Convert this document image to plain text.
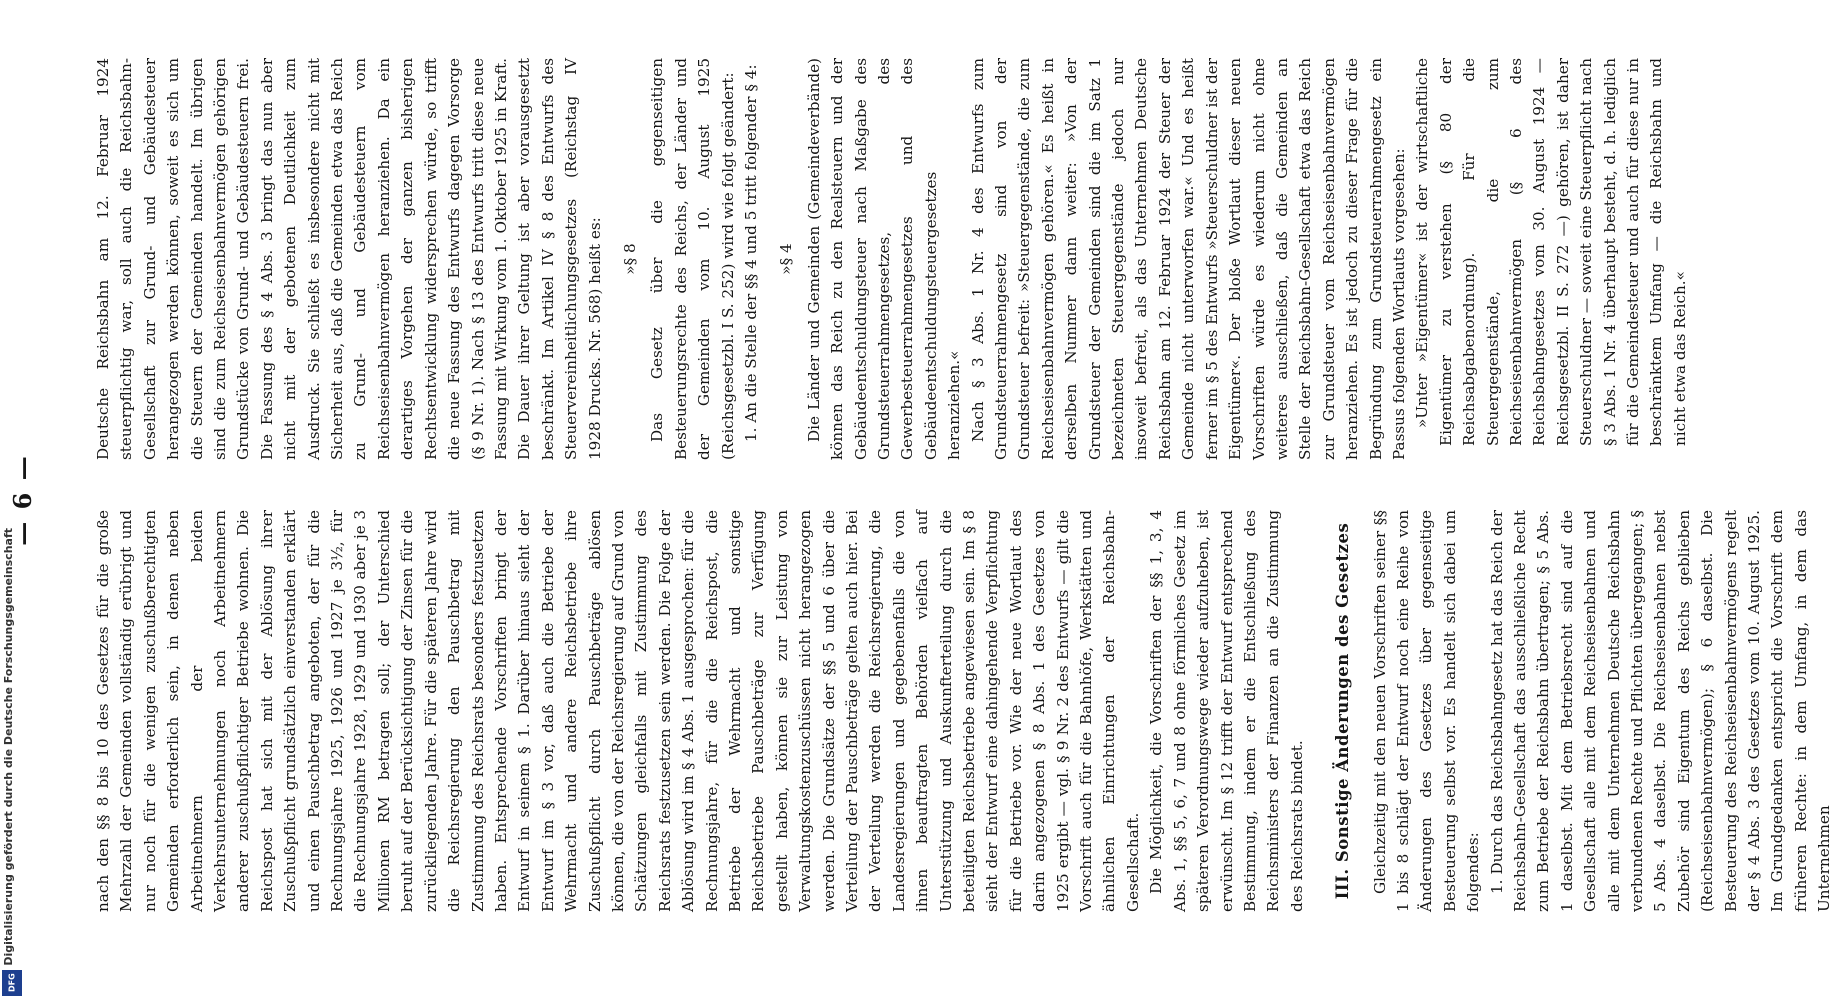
— 6 —

nach den §§ 8 bis 10 des Gesetzes für die große Mehrzahl der Gemeinden vollständig erübrigt und nur noch für die wenigen zuschußberechtigten Gemeinden erforderlich sein, in denen neben Arbeitnehmern der beiden Verkehrsunternehmungen noch Arbeitnehmern anderer zuschußpflichtiger Betriebe wohnen. Die Reichspost hat sich mit der Ablösung ihrer Zuschußpflicht grundsätzlich einverstanden erklärt und einen Pauschbetrag angeboten, der für die Rechnungsjahre 1925, 1926 und 1927 je 3½, für die Rechnungsjahre 1928, 1929 und 1930 aber je 3 Millionen RM betragen soll; der Unterschied beruht auf der Berücksichtigung der Zinsen für die zurückliegenden Jahre. Für die späteren Jahre wird die Reichsregierung den Pauschbetrag mit Zustimmung des Reichsrats besonders festzusetzen haben. Entsprechende Vorschriften bringt der Entwurf in seinem § 1. Darüber hinaus sieht der Entwurf im § 3 vor, daß auch die Betriebe der Wehrmacht und andere Reichsbetriebe ihre Zuschußpflicht durch Pauschbeträge ablösen können, die von der Reichsregierung auf Grund von Schätzungen gleichfalls mit Zustimmung des Reichsrats festzusetzen sein werden. Die Folge der Ablösung wird im § 4 Abs. 1 ausgesprochen: für die Rechnungsjahre, für die die Reichspost, die Betriebe der Wehrmacht und sonstige Reichsbetriebe Pauschbeträge zur Verfügung gestellt haben, können sie zur Leistung von Verwaltungskostenzuschüssen nicht herangezogen werden. Die Grundsätze der §§ 5 und 6 über die Verteilung der Pauschbeträge gelten auch hier. Bei der Verteilung werden die Reichsregierung, die Landesregierungen und gegebenenfalls die von ihnen beauftragten Behörden vielfach auf Unterstützung und Auskunfterteilung durch die beteiligten Reichsbetriebe angewiesen sein. Im § 8 sieht der Entwurf eine dahingehende Verpflichtung für die Betriebe vor. Wie der neue Wortlaut des darin angezogenen § 8 Abs. 1 des Gesetzes von 1925 ergibt — vgl. § 9 Nr. 2 des Entwurfs — gilt die Vorschrift auch für die Bahnhöfe, Werkstätten und ähnlichen Einrichtungen der Reichsbahn-Gesellschaft. Die Möglichkeit, die Vorschriften der §§ 1, 3, 4 Abs. 1, §§ 5, 6, 7 und 8 ohne förmliches Gesetz im späteren Verordnungswege wieder aufzuheben, ist erwünscht. Im § 12 trifft der Entwurf entsprechend Bestimmung, indem er die Entschließung des Reichsministers der Finanzen an die Zustimmung des Reichsrats bindet. III. Sonstige Änderungen des Gesetzes Gleichzeitig mit den neuen Vorschriften seiner §§ 1 bis 8 schlägt der Entwurf noch eine Reihe von Änderungen des Gesetzes über gegenseitige Besteuerung selbst vor. Es handelt sich dabei um folgendes: 1. Durch das Reichsbahngesetz hat das Reich der Reichsbahn-Gesellschaft das ausschließliche Recht zum Betriebe der Reichsbahn übertragen; § 5 Abs. 1 daselbst. Mit dem Betriebsrecht sind auf die Gesellschaft alle mit dem Reichseisenbahnen und alle mit dem Unternehmen Deutsche Reichsbahn verbundenen Rechte und Pflichten übergegangen; § 5 Abs. 4 daselbst. Die Reichseisenbahnen nebst Zubehör sind Eigentum des Reichs geblieben (Reichseisenbahnvermögen); § 6 daselbst. Die Besteuerung des Reichseisenbahnvermögens regelt der § 4 Abs. 3 des Gesetzes vom 10. August 1925. Im Grundgedanken entspricht die Vorschrift dem früheren Rechte: in dem Umfang, in dem das Unternehmen

Deutsche Reichsbahn am 12. Februar 1924 steuerpflichtig war, soll auch die Reichsbahn-Gesellschaft zur Grund- und Gebäudesteuer herangezogen werden können, soweit es sich um die Steuern der Gemeinden handelt. Im übrigen sind die zum Reichseisenbahnvermögen gehörigen Grundstücke von Grund- und Gebäudesteuern frei. Die Fassung des § 4 Abs. 3 bringt das nun aber nicht mit der gebotenen Deutlichkeit zum Ausdruck. Sie schließt es insbesondere nicht mit Sicherheit aus, daß die Gemeinden etwa das Reich zu Grund- und Gebäudesteuern vom Reichseisenbahnvermögen heranziehen. Da ein derartiges Vorgehen der ganzen bisherigen Rechtsentwicklung widersprechen würde, so trifft die neue Fassung des Entwurfs dagegen Vorsorge (§ 9 Nr. 1). Nach § 13 des Entwurfs tritt diese neue Fassung mit Wirkung vom 1. Oktober 1925 in Kraft. Die Dauer ihrer Geltung ist aber vorausgesetzt beschränkt. Im Artikel IV § 8 des Entwurfs des Steuervereinheitlichungsgesetzes (Reichstag IV 1928 Drucks. Nr. 568) heißt es: »§ 8 Das Gesetz über die gegenseitigen Besteuerungsrechte des Reichs, der Länder und der Gemeinden vom 10. August 1925 (Reichsgesetzbl. I S. 252) wird wie folgt geändert: 1. An die Stelle der §§ 4 und 5 tritt folgender § 4: »§ 4 Die Länder und Gemeinden (Gemeindeverbände) können das Reich zu den Realsteuern und der Gebäudeentschuldungsteuer nach Maßgabe des Grundsteuerrahmengesetzes, des Gewerbesteuerrahmengesetzes und des Gebäudeentschuldungsteuergesetzes heranziehen.« Nach § 3 Abs. 1 Nr. 4 des Entwurfs zum Grundsteuerrahmengesetz sind von der Grundsteuer befreit: »Steuergegenstände, die zum Reichseisenbahnvermögen gehören.« Es heißt in derselben Nummer dann weiter: »Von der Grundsteuer der Gemeinden sind die im Satz 1 bezeichneten Steuergegenstände jedoch nur insoweit befreit, als das Unternehmen Deutsche Reichsbahn am 12. Februar 1924 der Steuer der Gemeinde nicht unterworfen war.« Und es heißt ferner im § 5 des Entwurfs »Steuerschuldner ist der Eigentümer«. Der bloße Wortlaut dieser neuen Vorschriften würde es wiederum nicht ohne weiteres ausschließen, daß die Gemeinden an Stelle der Reichsbahn-Gesellschaft etwa das Reich zur Grundsteuer vom Reichseisenbahnvermögen heranziehen. Es ist jedoch zu dieser Frage für die Begründung zum Grundsteuerrahmengesetz ein Passus folgenden Wortlauts vorgesehen: »Unter »Eigentümer« ist der wirtschaftliche Eigentümer zu verstehen (§ 80 der Reichsabgabenordnung). Für die Steuergegenstände, die zum Reichseisenbahnvermögen (§ 6 des Reichsbahngesetzes vom 30. August 1924 — Reichsgesetzbl. II S. 272 —) gehören, ist daher Steuerschuldner — soweit eine Steuerpflicht nach § 3 Abs. 1 Nr. 4 überhaupt besteht, d. h. lediglich für die Gemeindesteuer und auch für diese nur in beschränktem Umfang — die Reichsbahn und nicht etwa das Reich.«

Digitalisierung gefördert durch die Deutsche Forschungsgemeinschaft
DFG
